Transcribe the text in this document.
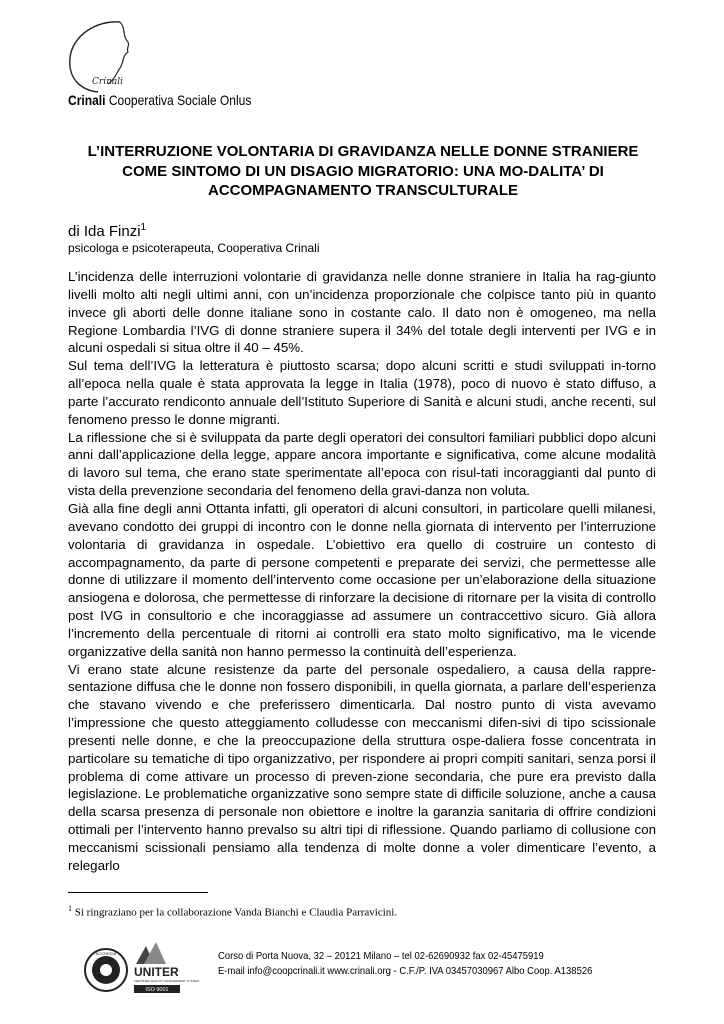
Crinali
Crinali Cooperativa Sociale Onlus
L’INTERRUZIONE VOLONTARIA DI GRAVIDANZA NELLE DONNE STRANIERE COME SINTOMO DI UN DISAGIO MIGRATORIO: UNA MO-DALITA’ DI ACCOMPAGNAMENTO TRANSCULTURALE
di Ida Finzi$^1$
psicologa e psicoterapeuta, Cooperativa Crinali

L’incidenza delle interruzioni volontarie di gravidanza nelle donne straniere in Italia ha rag-giunto livelli molto alti negli ultimi anni, con un’incidenza proporzionale che colpisce tanto più in quanto invece gli aborti delle donne italiane sono in costante calo. Il dato non è omogeneo, ma nella Regione Lombardia l’IVG di donne straniere supera il 34% del totale degli interventi per IVG e in alcuni ospedali si situa oltre il 40 – 45%.

Sul tema dell’IVG la letteratura è piuttosto scarsa; dopo alcuni scritti e studi sviluppati in-torno all’epoca nella quale è stata approvata la legge in Italia (1978), poco di nuovo è stato diffuso, a parte l’accurato rendiconto annuale dell’Istituto Superiore di Sanità e alcuni studi, anche recenti, sul fenomeno presso le donne migranti.

La riflessione che si è sviluppata da parte degli operatori dei consultori familiari pubblici dopo alcuni anni dall’applicazione della legge, appare ancora importante e significativa, come alcune modalità di lavoro sul tema, che erano state sperimentate all’epoca con risul-tati incoraggianti dal punto di vista della prevenzione secondaria del fenomeno della gravi-danza non voluta.

Già alla fine degli anni Ottanta infatti, gli operatori di alcuni consultori, in particolare quelli milanesi, avevano condotto dei gruppi di incontro con le donne nella giornata di intervento per l’interruzione volontaria di gravidanza in ospedale. L’obiettivo era quello di costruire un contesto di accompagnamento, da parte di persone competenti e preparate dei servizi, che permettesse alle donne di utilizzare il momento dell’intervento come occasione per un’elaborazione della situazione ansiogena e dolorosa, che permettesse di rinforzare la decisione di ritornare per la visita di controllo post IVG in consultorio e che incoraggiasse ad assumere un contraccettivo sicuro. Già allora l’incremento della percentuale di ritorni ai controlli era stato molto significativo, ma le vicende organizzative della sanità non hanno permesso la continuità dell’esperienza.

Vi erano state alcune resistenze da parte del personale ospedaliero, a causa della rappre-sentazione diffusa che le donne non fossero disponibili, in quella giornata, a parlare dell’esperienza che stavano vivendo e che preferissero dimenticarla. Dal nostro punto di vista avevamo l’impressione che questo atteggiamento colludesse con meccanismi difen-sivi di tipo scissionale presenti nelle donne, e che la preoccupazione della struttura ospe-daliera fosse concentrata in particolare su tematiche di tipo organizzativo, per rispondere ai propri compiti sanitari, senza porsi il problema di come attivare un processo di preven-zione secondaria, che pure era previsto dalla legislazione. Le problematiche organizzative sono sempre state di difficile soluzione, anche a causa della scarsa presenza di personale non obiettore e inoltre la garanzia sanitaria di offrire condizioni ottimali per l’intervento hanno prevalso su altri tipi di riflessione. Quando parliamo di collusione con meccanismi scissionali pensiamo alla tendenza di molte donne a voler dimenticare l’evento, a relegarlo

$^1$ Si ringraziano per la collaborazione Vanda Bianchi e Claudia Parravicini.
ACCREDIA
UNITER
CERTIFIED QUALITY MANAGEMENT SYSTEM
ISO 9001
Corso di Porta Nuova, 32 – 20121 Milano – tel 02-62690932 fax 02-45475919
E-mail info@coopcrinali.it www.crinali.org - C.F./P. IVA 03457030967 Albo Coop. A138526
